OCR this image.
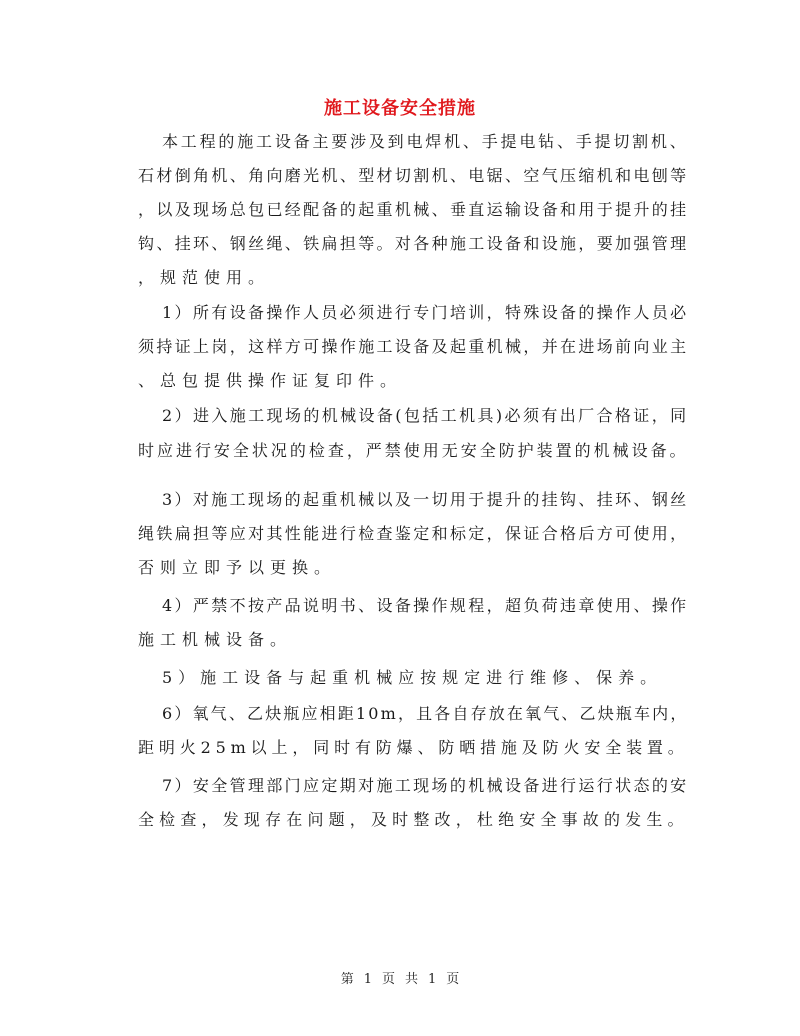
施工设备安全措施
本工程的施工设备主要涉及到电焊机、手提电钻、手提切割机、
石材倒角机、角向磨光机、型材切割机、电锯、空气压缩机和电刨等
，以及现场总包已经配备的起重机械、垂直运输设备和用于提升的挂
钩、挂环、钢丝绳、铁扁担等。对各种施工设备和设施，要加强管理
，规范使用。
1）所有设备操作人员必须进行专门培训，特殊设备的操作人员必
须持证上岗，这样方可操作施工设备及起重机械，并在进场前向业主
、总包提供操作证复印件。
2）进入施工现场的机械设备(包括工机具)必须有出厂合格证，同
时应进行安全状况的检查，严禁使用无安全防护装置的机械设备。
3）对施工现场的起重机械以及一切用于提升的挂钩、挂环、钢丝
绳铁扁担等应对其性能进行检查鉴定和标定，保证合格后方可使用，
否则立即予以更换。
4）严禁不按产品说明书、设备操作规程，超负荷违章使用、操作
施工机械设备。
5）施工设备与起重机械应按规定进行维修、保养。
6）氧气、乙炔瓶应相距10m，且各自存放在氧气、乙炔瓶车内，
距明火25m以上，同时有防爆、防晒措施及防火安全装置。
7）安全管理部门应定期对施工现场的机械设备进行运行状态的安
全检查，发现存在问题，及时整改，杜绝安全事故的发生。
第 1 页 共 1 页
